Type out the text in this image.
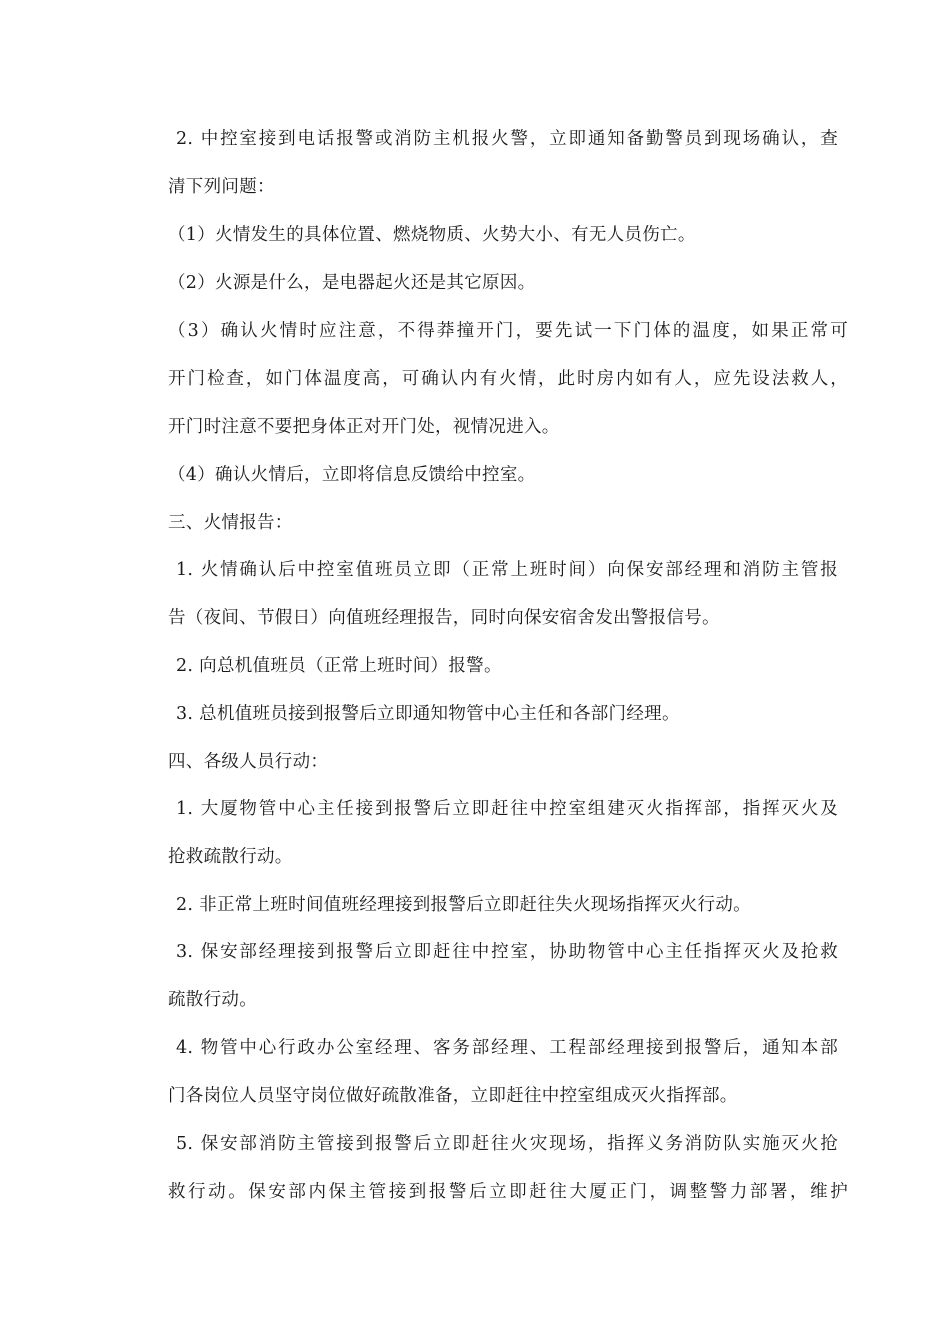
2. 中控室接到电话报警或消防主机报火警，立即通知备勤警员到现场确认，查
清下列问题：
（1）火情发生的具体位置、燃烧物质、火势大小、有无人员伤亡。
（2）火源是什么，是电器起火还是其它原因。
（3）确认火情时应注意，不得莽撞开门，要先试一下门体的温度，如果正常可
开门检查，如门体温度高，可确认内有火情，此时房内如有人，应先设法救人，
开门时注意不要把身体正对开门处，视情况进入。
（4）确认火情后，立即将信息反馈给中控室。
三、火情报告：
1. 火情确认后中控室值班员立即（正常上班时间）向保安部经理和消防主管报
告（夜间、节假日）向值班经理报告，同时向保安宿舍发出警报信号。
2. 向总机值班员（正常上班时间）报警。
3. 总机值班员接到报警后立即通知物管中心主任和各部门经理。
四、各级人员行动：
1. 大厦物管中心主任接到报警后立即赶往中控室组建灭火指挥部，指挥灭火及
抢救疏散行动。
2. 非正常上班时间值班经理接到报警后立即赶往失火现场指挥灭火行动。
3. 保安部经理接到报警后立即赶往中控室，协助物管中心主任指挥灭火及抢救
疏散行动。
4. 物管中心行政办公室经理、客务部经理、工程部经理接到报警后，通知本部
门各岗位人员坚守岗位做好疏散准备，立即赶往中控室组成灭火指挥部。
5. 保安部消防主管接到报警后立即赶往火灾现场，指挥义务消防队实施灭火抢
救行动。保安部内保主管接到报警后立即赶往大厦正门，调整警力部署，维护
